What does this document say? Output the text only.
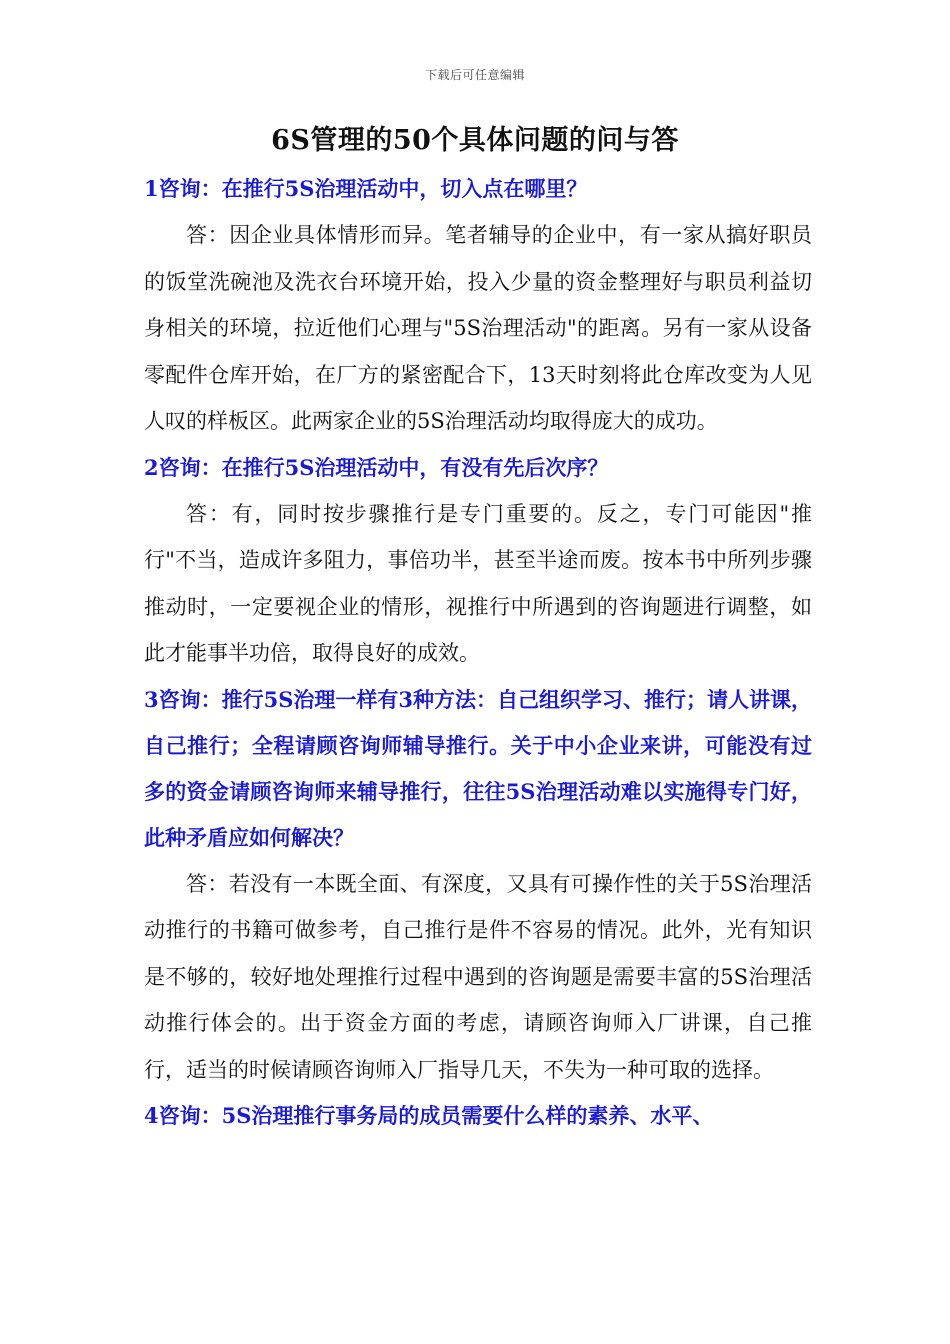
下载后可任意编辑
6S管理的50个具体问题的问与答

1咨询：在推行5S治理活动中，切入点在哪里？

答：因企业具体情形而异。笔者辅导的企业中，有一家从搞好职员的饭堂洗碗池及洗衣台环境开始，投入少量的资金整理好与职员利益切身相关的环境，拉近他们心理与"5S治理活动"的距离。另有一家从设备零配件仓库开始，在厂方的紧密配合下，13天时刻将此仓库改变为人见人叹的样板区。此两家企业的5S治理活动均取得庞大的成功。

2咨询：在推行5S治理活动中，有没有先后次序？

答：有，同时按步骤推行是专门重要的。反之，专门可能因"推行"不当，造成许多阻力，事倍功半，甚至半途而废。按本书中所列步骤推动时，一定要视企业的情形，视推行中所遇到的咨询题进行调整，如此才能事半功倍，取得良好的成效。

3咨询：推行5S治理一样有3种方法：自己组织学习、推行；请人讲课，自己推行；全程请顾咨询师辅导推行。关于中小企业来讲，可能没有过多的资金请顾咨询师来辅导推行，往往5S治理活动难以实施得专门好，此种矛盾应如何解决？

答：若没有一本既全面、有深度，又具有可操作性的关于5S治理活动推行的书籍可做参考，自己推行是件不容易的情况。此外，光有知识是不够的，较好地处理推行过程中遇到的咨询题是需要丰富的5S治理活动推行体会的。出于资金方面的考虑，请顾咨询师入厂讲课，自己推行，适当的时候请顾咨询师入厂指导几天，不失为一种可取的选择。

4咨询：5S治理推行事务局的成员需要什么样的素养、水平、
